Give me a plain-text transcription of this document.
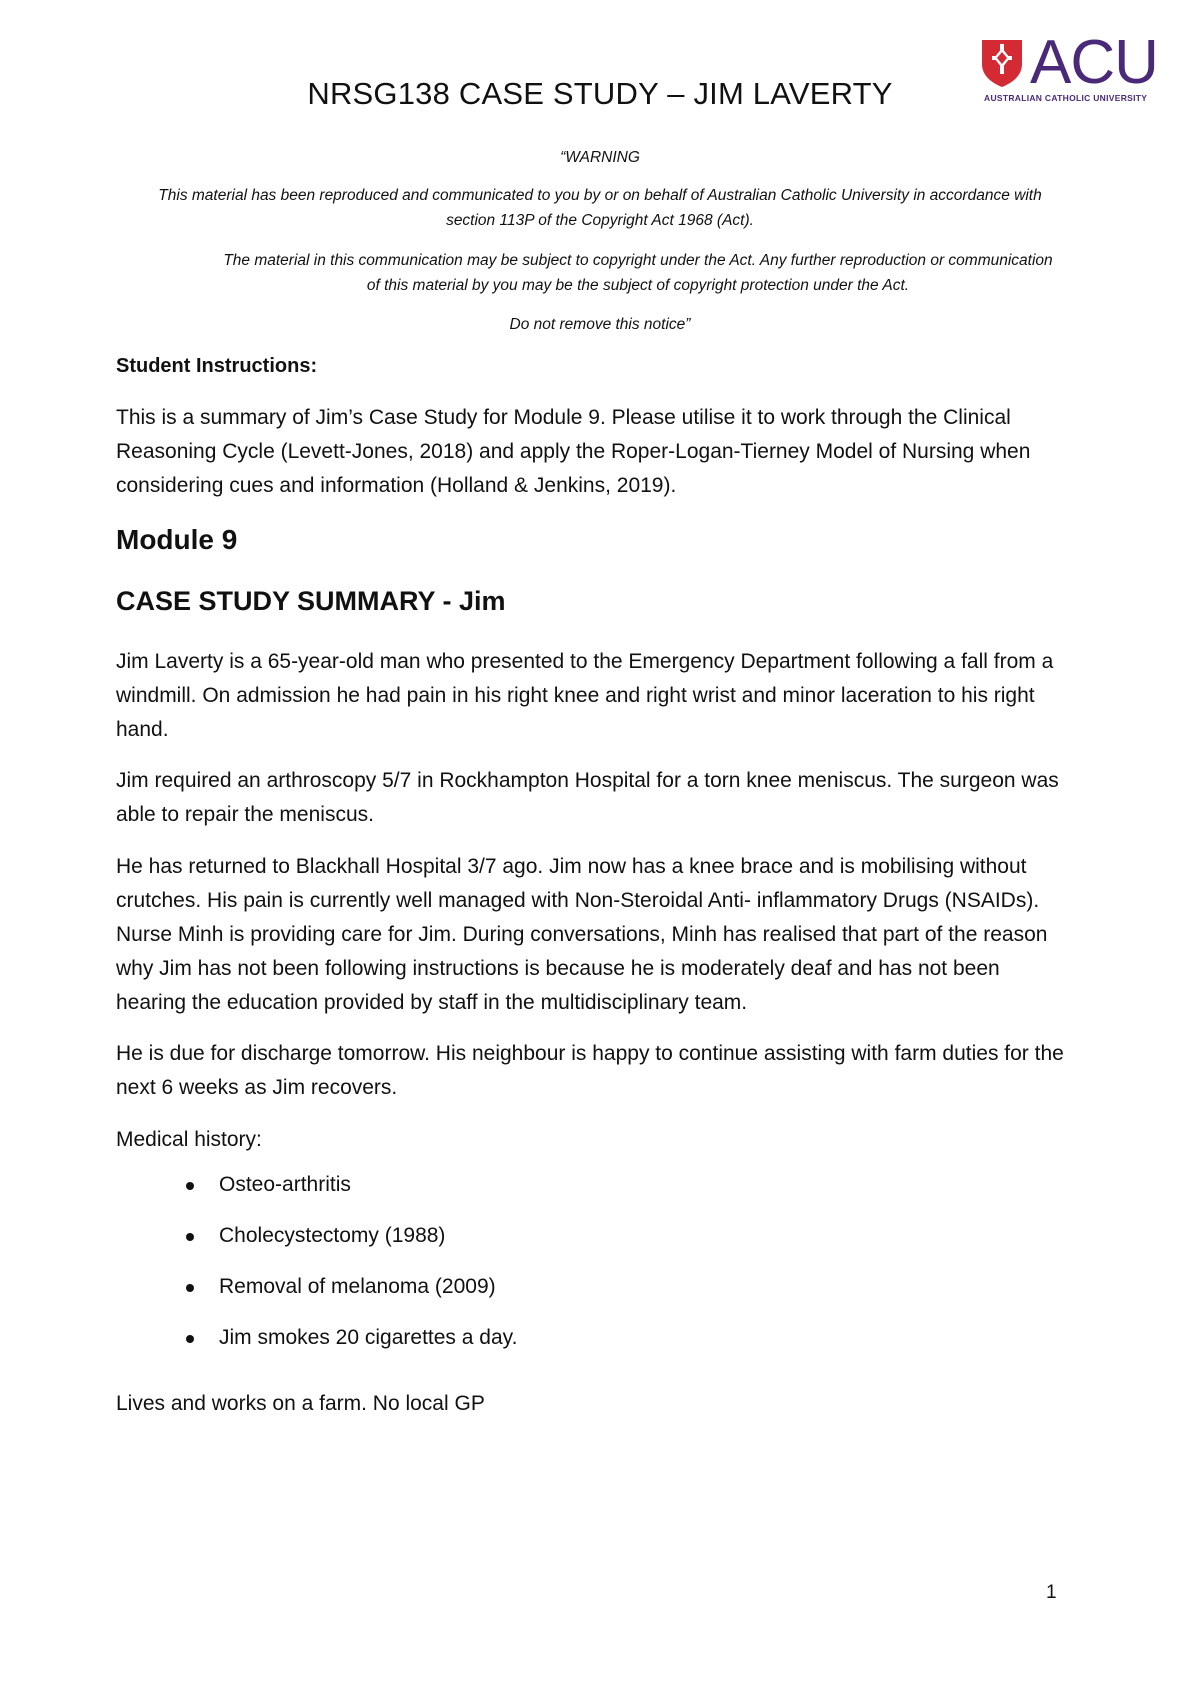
ACU
AUSTRALIAN CATHOLIC UNIVERSITY
NRSG138 CASE STUDY – JIM LAVERTY
“WARNING
This material has been reproduced and communicated to you by or on behalf of Australian Catholic University in accordance with section 113P of the Copyright Act 1968 (Act).
The material in this communication may be subject to copyright under the Act. Any further reproduction or communication of this material by you may be the subject of copyright protection under the Act.
Do not remove this notice”
Student Instructions:

This is a summary of Jim’s Case Study for Module 9. Please utilise it to work through the Clinical Reasoning Cycle (Levett-Jones, 2018) and apply the Roper-Logan-Tierney Model of Nursing when considering cues and information (Holland & Jenkins, 2019).

Module 9
CASE STUDY SUMMARY - Jim

Jim Laverty is a 65-year-old man who presented to the Emergency Department following a fall from a windmill. On admission he had pain in his right knee and right wrist and minor laceration to his right hand.

Jim required an arthroscopy 5/7 in Rockhampton Hospital for a torn knee meniscus. The surgeon was able to repair the meniscus.

He has returned to Blackhall Hospital 3/7 ago. Jim now has a knee brace and is mobilising without crutches. His pain is currently well managed with Non-Steroidal Anti- inflammatory Drugs (NSAIDs). Nurse Minh is providing care for Jim. During conversations, Minh has realised that part of the reason why Jim has not been following instructions is because he is moderately deaf and has not been hearing the education provided by staff in the multidisciplinary team.

He is due for discharge tomorrow. His neighbour is happy to continue assisting with farm duties for the next 6 weeks as Jim recovers.

Medical history:

Osteo-arthritis
Cholecystectomy (1988)
Removal of melanoma (2009)
Jim smokes 20 cigarettes a day.

Lives and works on a farm. No local GP

1
